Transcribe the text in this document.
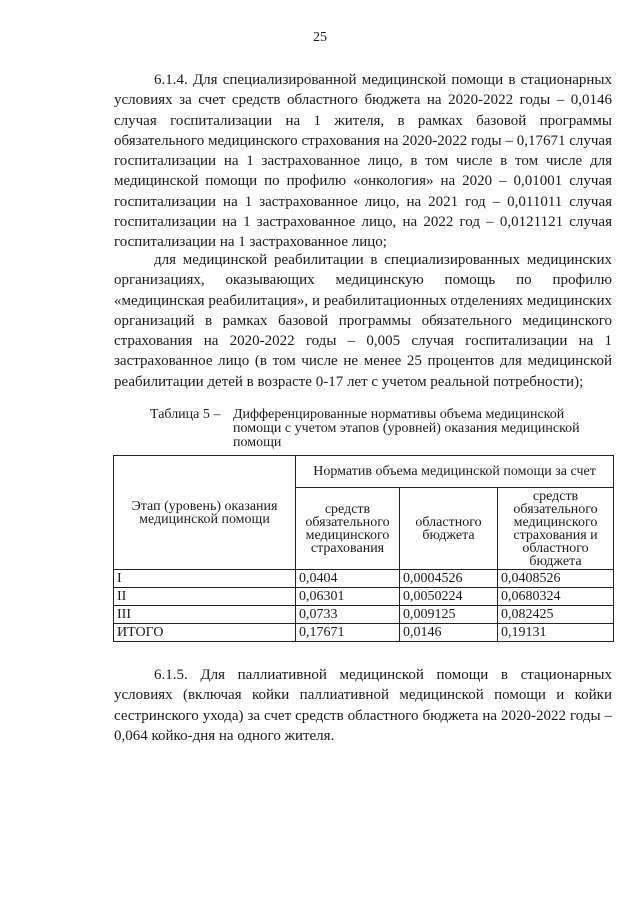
25

6.1.4. Для специализированной медицинской помощи в стационарных условиях за счет средств областного бюджета на 2020-2022 годы – 0,0146 случая госпитализации на 1 жителя, в рамках базовой программы обязательного медицинского страхования на 2020-2022 годы – 0,17671 случая госпитализации на 1 застрахованное лицо, в том числе в том числе для медицинской помощи по профилю «онкология» на 2020 – 0,01001 случая госпитализации на 1 застрахованное лицо, на 2021 год – 0,011011 случая госпитализации на 1 застрахованное лицо, на 2022 год – 0,0121121 случая госпитализации на 1 застрахованное лицо;

для медицинской реабилитации в специализированных медицинских организациях, оказывающих медицинскую помощь по профилю «медицинская реабилитация», и реабилитационных отделениях медицинских организаций в рамках базовой программы обязательного медицинского страхования на 2020-2022 годы – 0,005 случая госпитализации на 1 застрахованное лицо (в том числе не менее 25 процентов для медицинской реабилитации детей в возрасте 0-17 лет с учетом реальной потребности);

Таблица 5 – Дифференцированные нормативы объема медицинской помощи с учетом этапов (уровней) оказания медицинской помощи
Этап (уровень) оказания медицинской помощи	Норматив объема медицинской помощи за счет		
	средств обязательного медицинского страхования	областного бюджета	средств обязательного медицинского страхования и областного бюджета
I	0,0404	0,0004526	0,0408526
II	0,06301	0,0050224	0,0680324
III	0,0733	0,009125	0,082425
ИТОГО	0,17671	0,0146	0,19131

6.1.5. Для паллиативной медицинской помощи в стационарных условиях (включая койки паллиативной медицинской помощи и койки сестринского ухода) за счет средств областного бюджета на 2020-2022 годы – 0,064 койко-дня на одного жителя.
